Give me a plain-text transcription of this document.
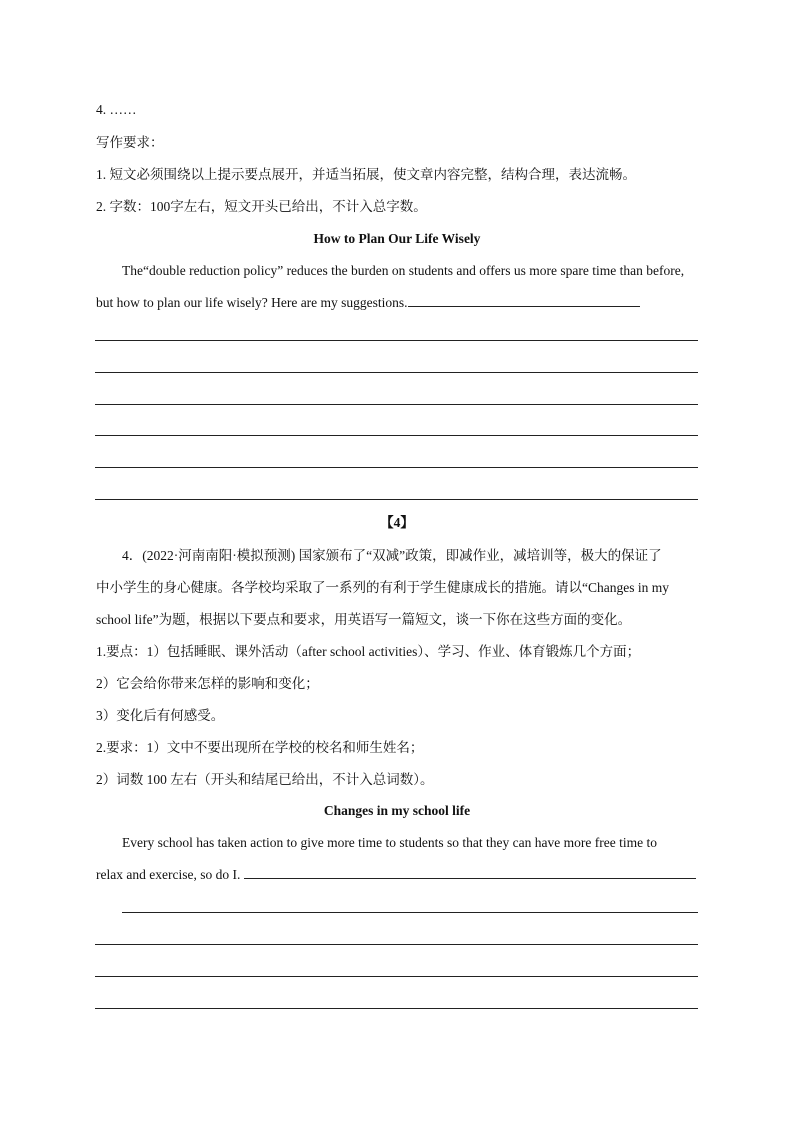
4. ……
写作要求：
1. 短文必须围绕以上提示要点展开，并适当拓展，使文章内容完整，结构合理，表达流畅。
2. 字数：100字左右，短文开头已给出，不计入总字数。
How to Plan Our Life Wisely
The“double reduction policy” reduces the burden on students and offers us more spare time than before,
but how to plan our life wisely? Here are my suggestions.
【4】
4．(2022·河南南阳·模拟预测) 国家颁布了“双减”政策，即减作业，减培训等，极大的保证了
中小学生的身心健康。各学校均采取了一系列的有利于学生健康成长的措施。请以“Changes in my
school life”为题，根据以下要点和要求，用英语写一篇短文，谈一下你在这些方面的变化。
1.要点：1）包括睡眠、课外活动（after school activities）、学习、作业、体育锻炼几个方面；
2）它会给你带来怎样的影响和变化；
3）变化后有何感受。
2.要求：1）文中不要出现所在学校的校名和师生姓名；
2）词数 100 左右（开头和结尾已给出，不计入总词数）。
Changes in my school life
Every school has taken action to give more time to students so that they can have more free time to
relax and exercise, so do I.
